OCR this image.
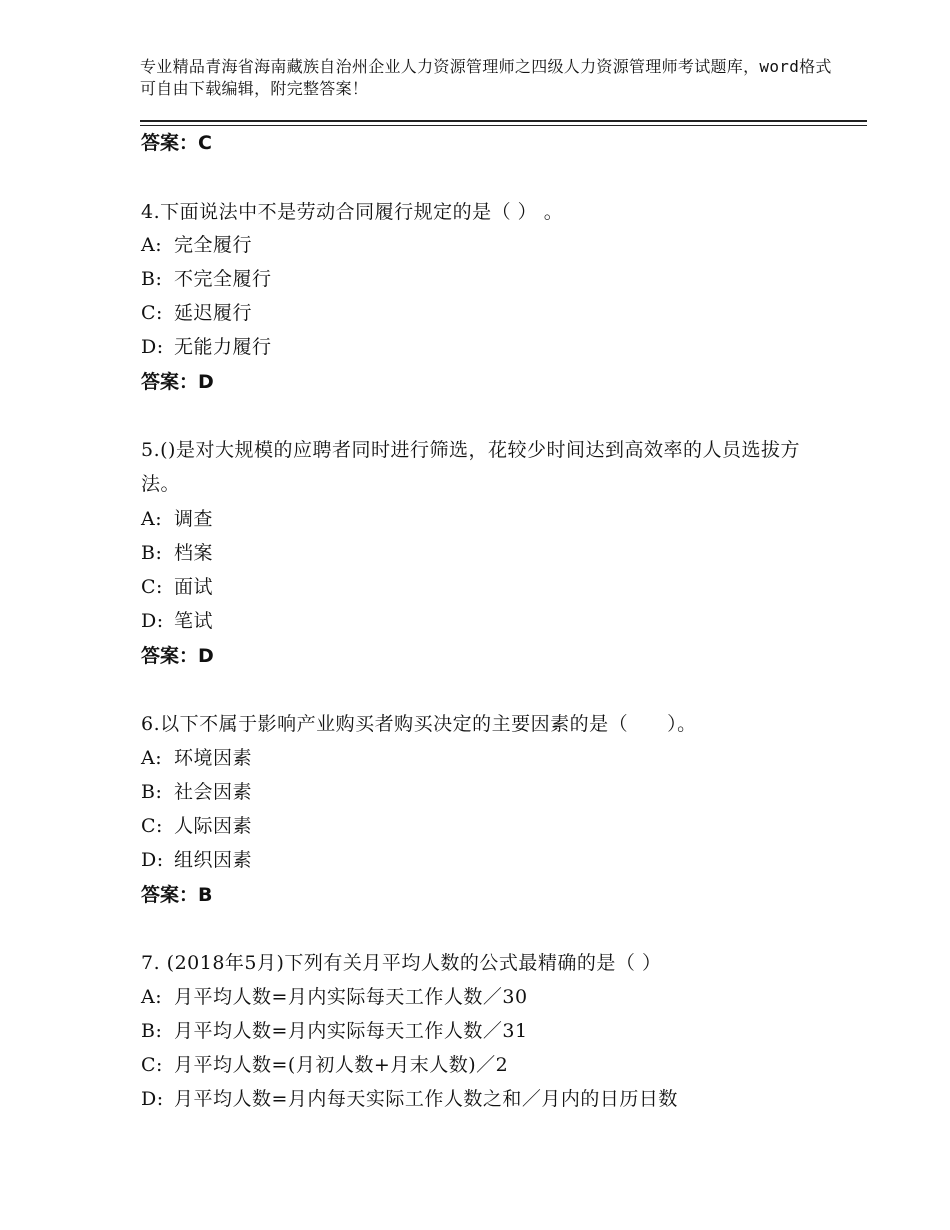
专业精品青海省海南藏族自治州企业人力资源管理师之四级人力资源管理师考试题库，word格式可自由下载编辑，附完整答案！
答案：C
4.下面说法中不是劳动合同履行规定的是（ ） 。
A: 完全履行
B: 不完全履行
C: 延迟履行
D: 无能力履行
答案：D
5.()是对大规模的应聘者同时进行筛选，花较少时间达到高效率的人员选拔方法。
A: 调查
B: 档案
C: 面试
D: 笔试
答案：D
6.以下不属于影响产业购买者购买决定的主要因素的是（　　）。
A: 环境因素
B: 社会因素
C: 人际因素
D: 组织因素
答案：B
7. (2018年5月)下列有关月平均人数的公式最精确的是（ ）
A: 月平均人数=月内实际每天工作人数／30
B: 月平均人数=月内实际每天工作人数／31
C: 月平均人数=(月初人数+月末人数)／2
D: 月平均人数=月内每天实际工作人数之和／月内的日历日数
